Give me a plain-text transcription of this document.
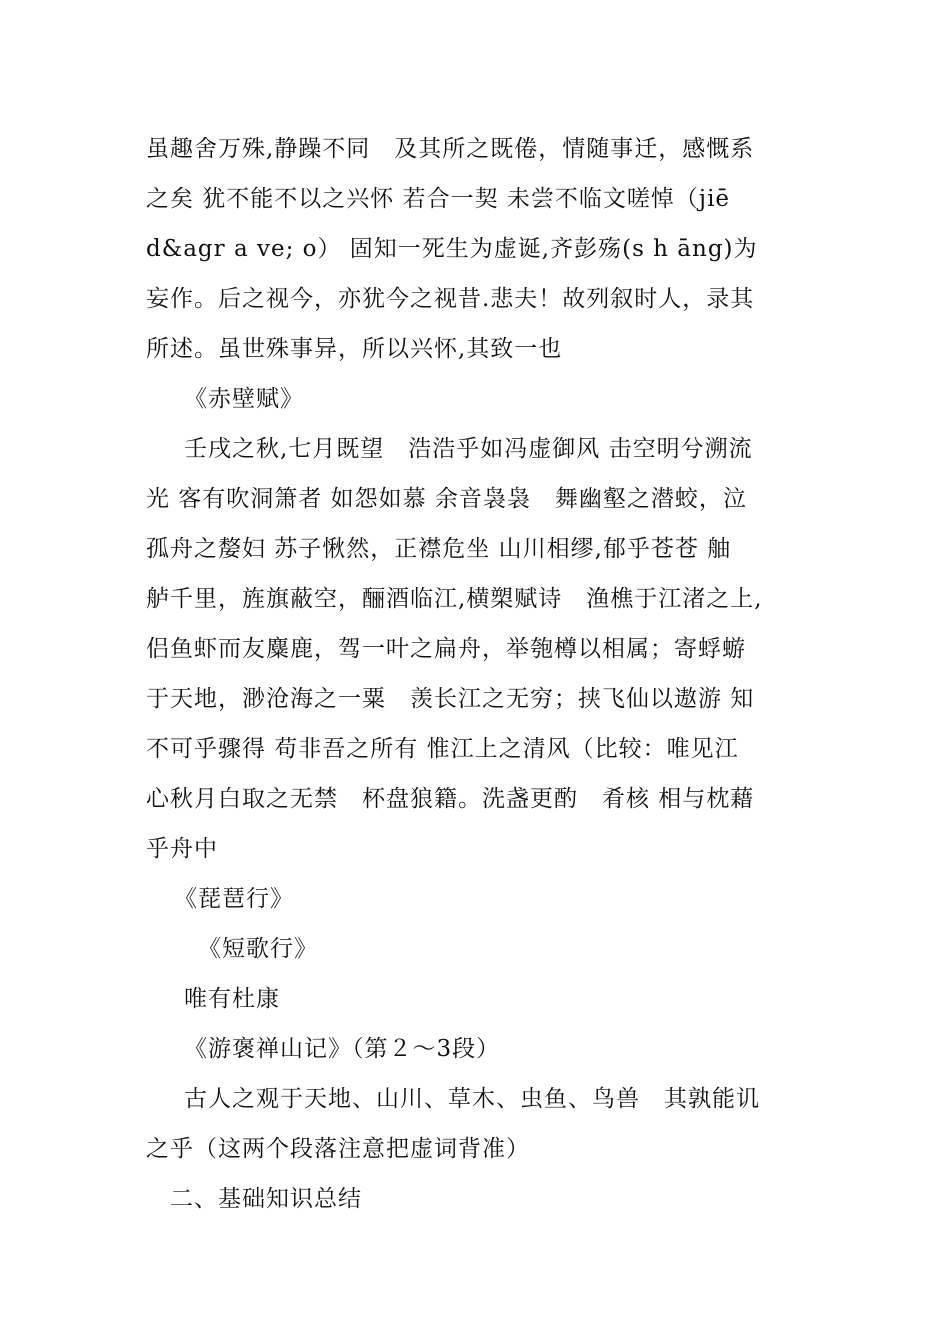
虽趣舍万殊,静躁不同　及其所之既倦，情随事迁，感慨系
之矣 犹不能不以之兴怀 若合一契 未尝不临文嗟悼（jiē
d&agr a ve; o） 固知一死生为虚诞,齐彭殇(s h āng)为
妄作。后之视今，亦犹今之视昔.悲夫！故列叙时人，录其
所述。虽世殊事异，所以兴怀,其致一也
《赤壁赋》
壬戌之秋,七月既望　浩浩乎如冯虚御风 击空明兮溯流
光 客有吹洞箫者 如怨如慕 余音袅袅　舞幽壑之潜蛟，泣
孤舟之嫠妇 苏子愀然，正襟危坐 山川相缪,郁乎苍苍 舳
舻千里，旌旗蔽空，酾酒临江,横槊赋诗　渔樵于江渚之上,
侣鱼虾而友麋鹿，驾一叶之扁舟，举匏樽以相属；寄蜉蝣
于天地，渺沧海之一粟　羡长江之无穷；挟飞仙以遨游 知
不可乎骤得 苟非吾之所有 惟江上之清风（比较：唯见江
心秋月白取之无禁　杯盘狼籍。洗盏更酌　肴核 相与枕藉
乎舟中
《琵琶行》
《短歌行》
唯有杜康
《游褒禅山记》（第２～3段）
古人之观于天地、山川、草木、虫鱼、鸟兽　其孰能讥
之乎（这两个段落注意把虚词背准）
二、基础知识总结
